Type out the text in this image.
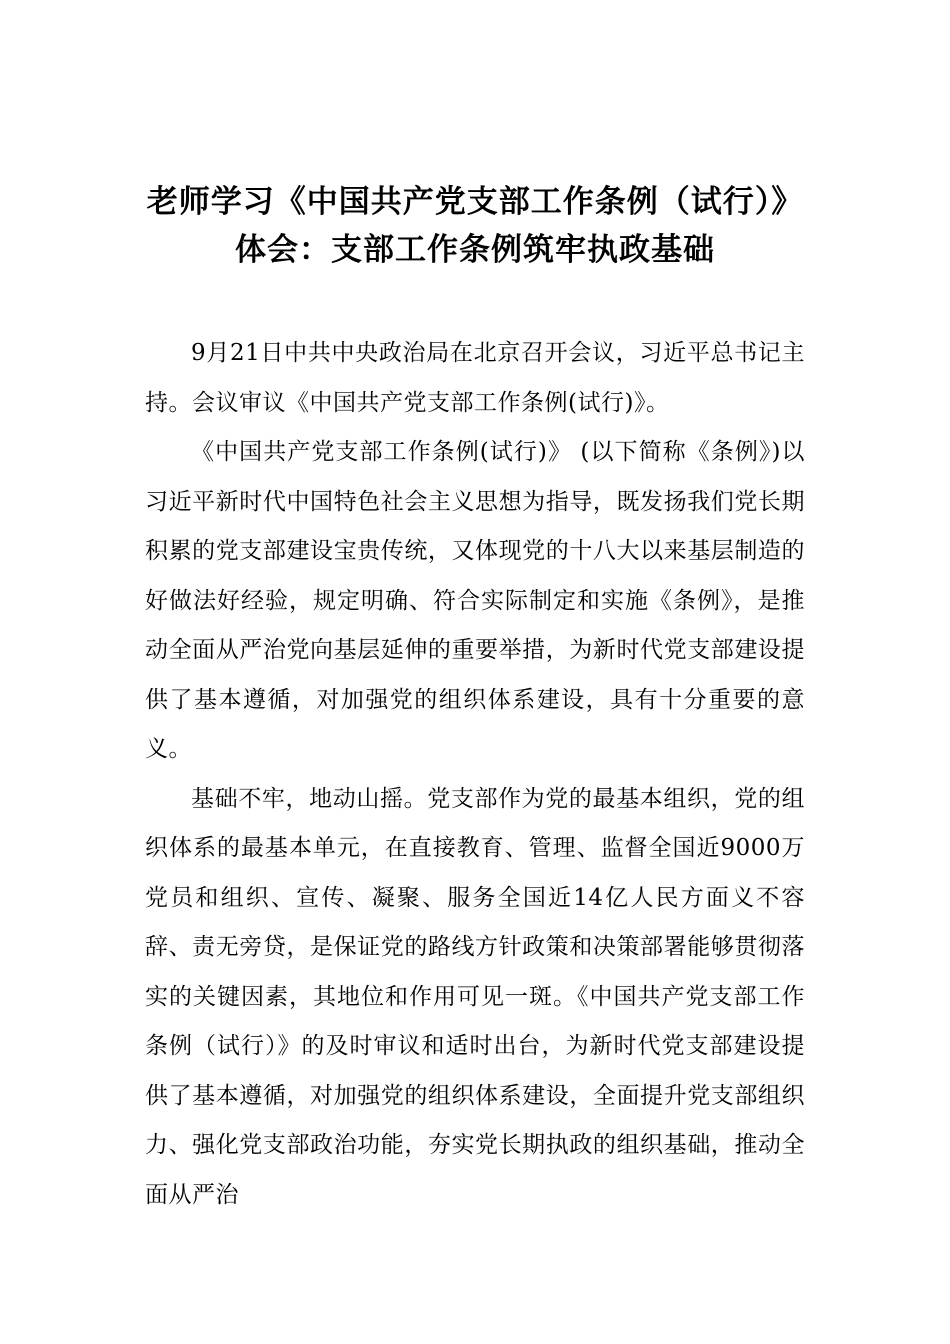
老师学习《中国共产党支部工作条例（试行）》体会：支部工作条例筑牢执政基础

9月21日中共中央政治局在北京召开会议，习近平总书记主持。会议审议《中国共产党支部工作条例(试行)》。

《中国共产党支部工作条例(试行)》 (以下简称《条例》)以习近平新时代中国特色社会主义思想为指导，既发扬我们党长期积累的党支部建设宝贵传统，又体现党的十八大以来基层制造的好做法好经验，规定明确、符合实际制定和实施《条例》，是推动全面从严治党向基层延伸的重要举措，为新时代党支部建设提供了基本遵循，对加强党的组织体系建设，具有十分重要的意义。

基础不牢，地动山摇。党支部作为党的最基本组织，党的组织体系的最基本单元，在直接教育、管理、监督全国近9000万党员和组织、宣传、凝聚、服务全国近14亿人民方面义不容辞、责无旁贷，是保证党的路线方针政策和决策部署能够贯彻落实的关键因素，其地位和作用可见一斑。《中国共产党支部工作条例（试行）》的及时审议和适时出台，为新时代党支部建设提供了基本遵循，对加强党的组织体系建设，全面提升党支部组织力、强化党支部政治功能，夯实党长期执政的组织基础，推动全面从严治
